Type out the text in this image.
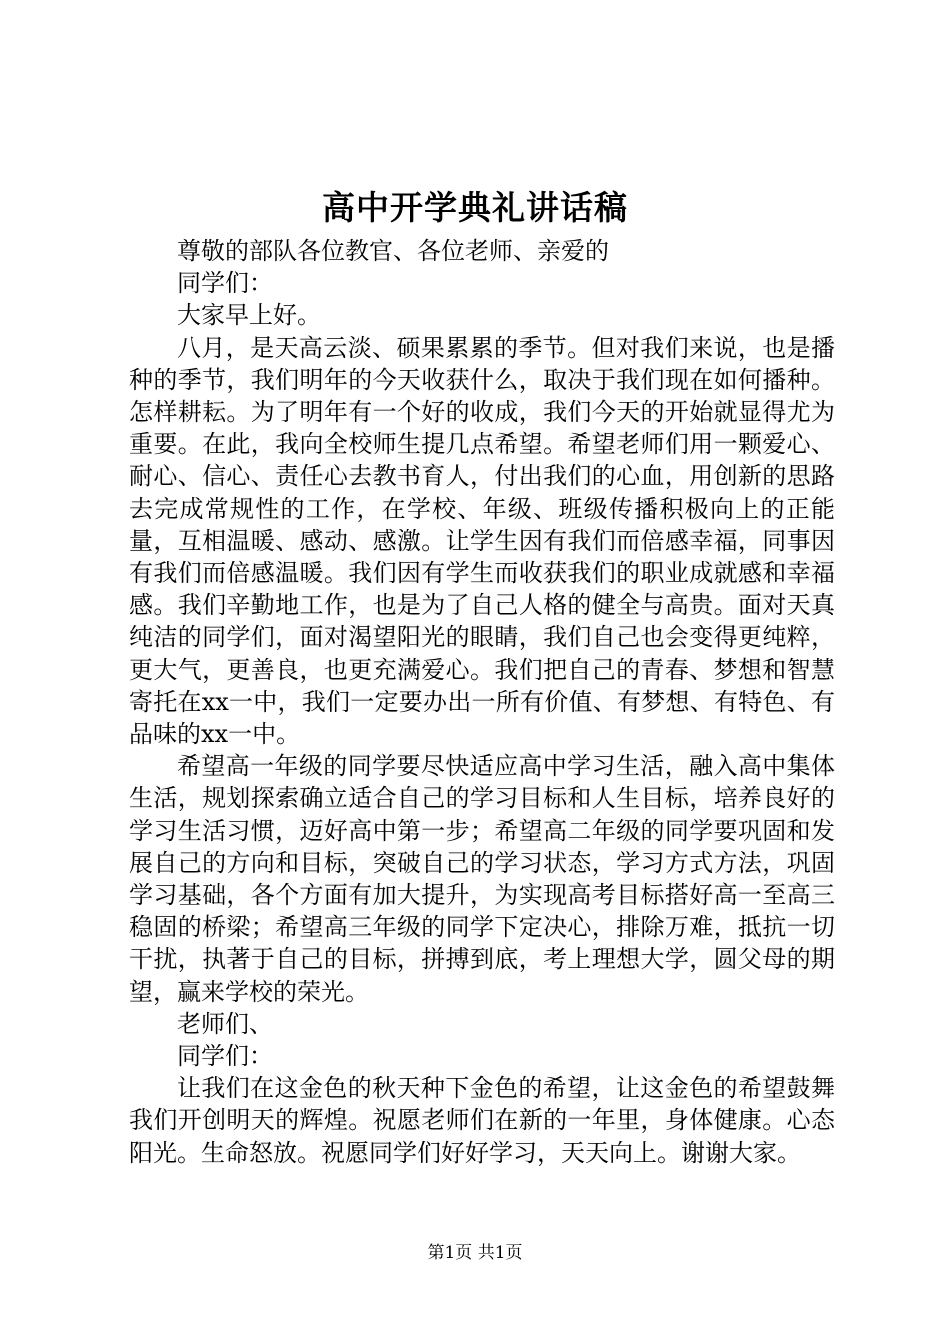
高中开学典礼讲话稿

尊敬的部队各位教官、各位老师、亲爱的

同学们：

大家早上好。

八月，是天高云淡、硕果累累的季节。但对我们来说，也是播种的季节，我们明年的今天收获什么，取决于我们现在如何播种。怎样耕耘。为了明年有一个好的收成，我们今天的开始就显得尤为重要。在此，我向全校师生提几点希望。希望老师们用一颗爱心、耐心、信心、责任心去教书育人，付出我们的心血，用创新的思路去完成常规性的工作，在学校、年级、班级传播积极向上的正能量，互相温暖、感动、感激。让学生因有我们而倍感幸福，同事因有我们而倍感温暖。我们因有学生而收获我们的职业成就感和幸福感。我们辛勤地工作，也是为了自己人格的健全与高贵。面对天真纯洁的同学们，面对渴望阳光的眼睛，我们自己也会变得更纯粹，更大气，更善良，也更充满爱心。我们把自己的青春、梦想和智慧寄托在xx一中，我们一定要办出一所有价值、有梦想、有特色、有品味的xx一中。

希望高一年级的同学要尽快适应高中学习生活，融入高中集体生活，规划探索确立适合自己的学习目标和人生目标，培养良好的学习生活习惯，迈好高中第一步；希望高二年级的同学要巩固和发展自己的方向和目标，突破自己的学习状态，学习方式方法，巩固学习基础，各个方面有加大提升，为实现高考目标搭好高一至高三稳固的桥梁；希望高三年级的同学下定决心，排除万难，抵抗一切干扰，执著于自己的目标，拼搏到底，考上理想大学，圆父母的期望，赢来学校的荣光。

老师们、

同学们：

让我们在这金色的秋天种下金色的希望，让这金色的希望鼓舞我们开创明天的辉煌。祝愿老师们在新的一年里，身体健康。心态阳光。生命怒放。祝愿同学们好好学习，天天向上。谢谢大家。

第1页 共1页
